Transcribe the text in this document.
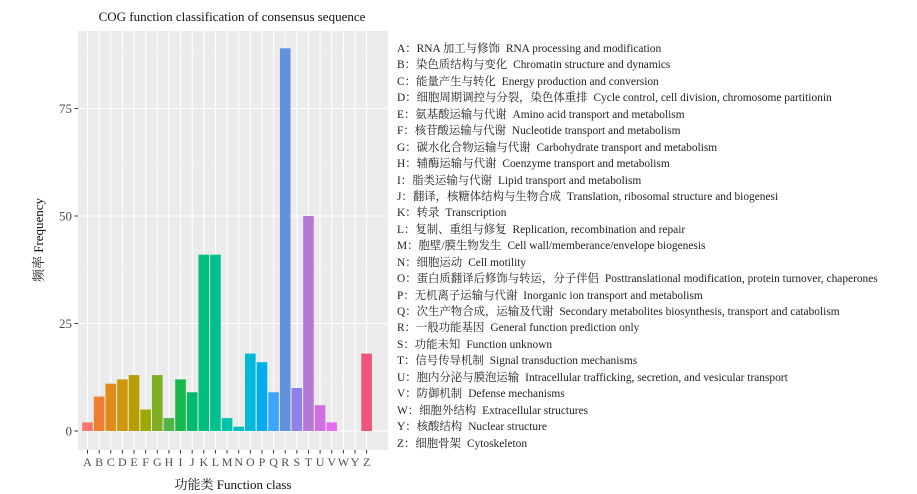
COG function classification of consensus sequence
0
25
50
75
A B C D E F G H I J K L M N O P Q R S T U V W Y Z
功能类 Function class
频率 Frequency
A：RNA 加工与修饰 RNA processing and modification
B：染色质结构与变化 Chromatin structure and dynamics
C：能量产生与转化 Energy production and conversion
D：细胞周期调控与分裂，染色体重排 Cycle control, cell division, chromosome partitionin
E：氨基酸运输与代谢 Amino acid transport and metabolism
F：核苷酸运输与代谢 Nucleotide transport and metabolism
G：碳水化合物运输与代谢 Carbohydrate transport and metabolism
H：辅酶运输与代谢 Coenzyme transport and metabolism
I：脂类运输与代谢 Lipid transport and metabolism
J：翻译，核糖体结构与生物合成 Translation, ribosomal structure and biogenesi
K：转录 Transcription
L：复制、重组与修复 Replication, recombination and repair
M：胞壁/膜生物发生 Cell wall/memberance/envelope biogenesis
N：细胞运动 Cell motility
O：蛋白质翻译后修饰与转运，分子伴侣 Posttranslational modification, protein turnover, chaperones
P：无机离子运输与代谢 Inorganic ion transport and metabolism
Q：次生产物合成，运输及代谢 Secondary metabolites biosynthesis, transport and catabolism
R：一般功能基因 General function prediction only
S：功能未知 Function unknown
T：信号传导机制 Signal transduction mechanisms
U：胞内分泌与膜泡运输 Intracellular trafficking, secretion, and vesicular transport
V：防御机制 Defense mechanisms
W：细胞外结构 Extracellular structures
Y：核酸结构 Nuclear structure
Z：细胞骨架 Cytoskeleton
